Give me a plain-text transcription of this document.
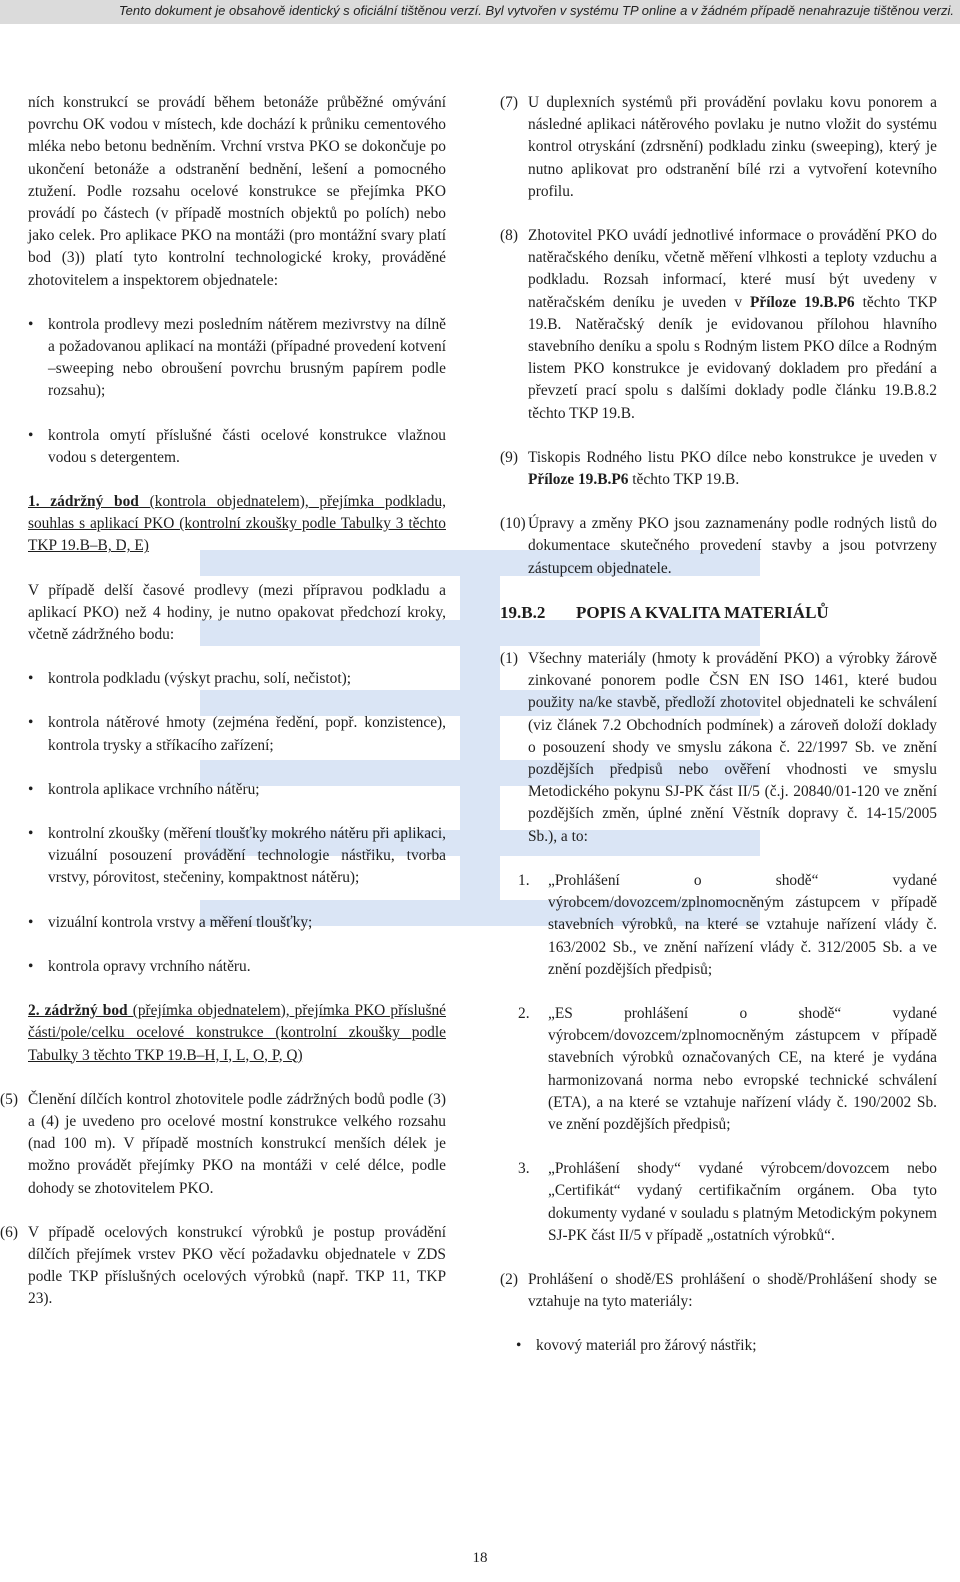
Tento dokument je obsahově identický s oficiální tištěnou verzí. Byl vytvořen v systému TP online a v žádném případě nenahrazuje tištěnou verzi.

ních konstrukcí se provádí během betonáže průběžné omývání povrchu OK vodou v místech, kde dochází k průniku cementového mléka nebo betonu bedněním. Vrchní vrstva PKO se dokončuje po ukončení betonáže a odstranění bednění, lešení a pomocného ztužení. Podle rozsahu ocelové konstrukce se přejímka PKO provádí po částech (v případě mostních objektů po polích) nebo jako celek. Pro aplikace PKO na montáži (pro montážní svary platí bod (3)) platí tyto kontrolní technologické kroky, prováděné zhotovitelem a inspektorem objednatele:

• kontrola prodlevy mezi posledním nátěrem mezivrstvy na dílně a požadovanou aplikací na montáži (případné provedení kotvení –sweeping nebo obroušení povrchu brusným papírem podle rozsahu);

• kontrola omytí příslušné části ocelové konstrukce vlažnou vodou s detergentem.

1. zádržný bod (kontrola objednatelem), přejímka podkladu, souhlas s aplikací PKO (kontrolní zkoušky podle Tabulky 3 těchto TKP 19.B–B, D, E)

V případě delší časové prodlevy (mezi přípravou podkladu a aplikací PKO) než 4 hodiny, je nutno opakovat předchozí kroky, včetně zádržného bodu:

• kontrola podkladu (výskyt prachu, solí, nečistot);

• kontrola nátěrové hmoty (zejména ředění, popř. konzistence), kontrola trysky a stříkacího zařízení;

• kontrola aplikace vrchního nátěru;

• kontrolní zkoušky (měření tloušťky mokrého nátěru při aplikaci, vizuální posouzení provádění technologie nástřiku, tvorba vrstvy, pórovitost, stečeniny, kompaktnost nátěru);

• vizuální kontrola vrstvy a měření tloušťky;

• kontrola opravy vrchního nátěru.

2. zádržný bod (přejímka objednatelem), přejímka PKO příslušné části/pole/celku ocelové konstrukce (kontrolní zkoušky podle Tabulky 3 těchto TKP 19.B–H, I, L, O, P, Q)

(5) Členění dílčích kontrol zhotovitele podle zádržných bodů podle (3) a (4) je uvedeno pro ocelové mostní konstrukce velkého rozsahu (nad 100 m). V případě mostních konstrukcí menších délek je možno provádět přejímky PKO na montáži v celé délce, podle dohody se zhotovitelem PKO.
(6) V případě ocelových konstrukcí výrobků je postup provádění dílčích přejímek vrstev PKO věcí požadavku objednatele v ZDS podle TKP příslušných ocelových výrobků (např. TKP 11, TKP 23).
(7) U duplexních systémů při provádění povlaku kovu ponorem a následné aplikaci nátěrového povlaku je nutno vložit do systému kontrol otryskání (zdrsnění) podkladu zinku (sweeping), který je nutno aplikovat pro odstranění bílé rzi a vytvoření kotevního profilu.
(8) Zhotovitel PKO uvádí jednotlivé informace o provádění PKO do natěračského deníku, včetně měření vlhkosti a teploty vzduchu a podkladu. Rozsah informací, které musí být uvedeny v natěračském deníku je uveden v Příloze 19.B.P6 těchto TKP 19.B. Natěračský deník je evidovanou přílohou hlavního stavebního deníku a spolu s Rodným listem PKO dílce a Rodným listem PKO konstrukce je evidovaný dokladem pro předání a převzetí prací spolu s dalšími doklady podle článku 19.B.8.2 těchto TKP 19.B.
(9) Tiskopis Rodného listu PKO dílce nebo konstrukce je uveden v Příloze 19.B.P6 těchto TKP 19.B.
(10) Úpravy a změny PKO jsou zaznamenány podle rodných listů do dokumentace skutečného provedení stavby a jsou potvrzeny zástupcem objednatele.
19.B.2 POPIS A KVALITA MATERIÁLŮ
(1) Všechny materiály (hmoty k provádění PKO) a výrobky žárově zinkované ponorem podle ČSN EN ISO 1461, které budou použity na/ke stavbě, předloží zhotovitel objednateli ke schválení (viz článek 7.2 Obchodních podmínek) a zároveň doloží doklady o posouzení shody ve smyslu zákona č. 22/1997 Sb. ve znění pozdějších předpisů nebo ověření vhodnosti ve smyslu Metodického pokynu SJ-PK část II/5 (č.j. 20840/01-120 ve znění pozdějších změn, úplné znění Věstník dopravy č. 14-15/2005 Sb.), a to:
1. „Prohlášení o shodě“ vydané výrobcem/dovozcem/zplnomocněným zástupcem v případě stavebních výrobků, na které se vztahuje nařízení vlády č. 163/2002 Sb., ve znění nařízení vlády č. 312/2005 Sb. a ve znění pozdějších předpisů;
2. „ES prohlášení o shodě“ vydané výrobcem/dovozcem/zplnomocněným zástupcem v případě stavebních výrobků označovaných CE, na které je vydána harmonizovaná norma nebo evropské technické schválení (ETA), a na které se vztahuje nařízení vlády č. 190/2002 Sb. ve znění pozdějších předpisů;
3. „Prohlášení shody“ vydané výrobcem/dovozcem nebo „Certifikát“ vydaný certifikačním orgánem. Oba tyto dokumenty vydané v souladu s platným Metodickým pokynem SJ-PK část II/5 v případě „ostatních výrobků“.
(2) Prohlášení o shodě/ES prohlášení o shodě/Prohlášení shody se vztahuje na tyto materiály:

• kovový materiál pro žárový nástřik;

18
